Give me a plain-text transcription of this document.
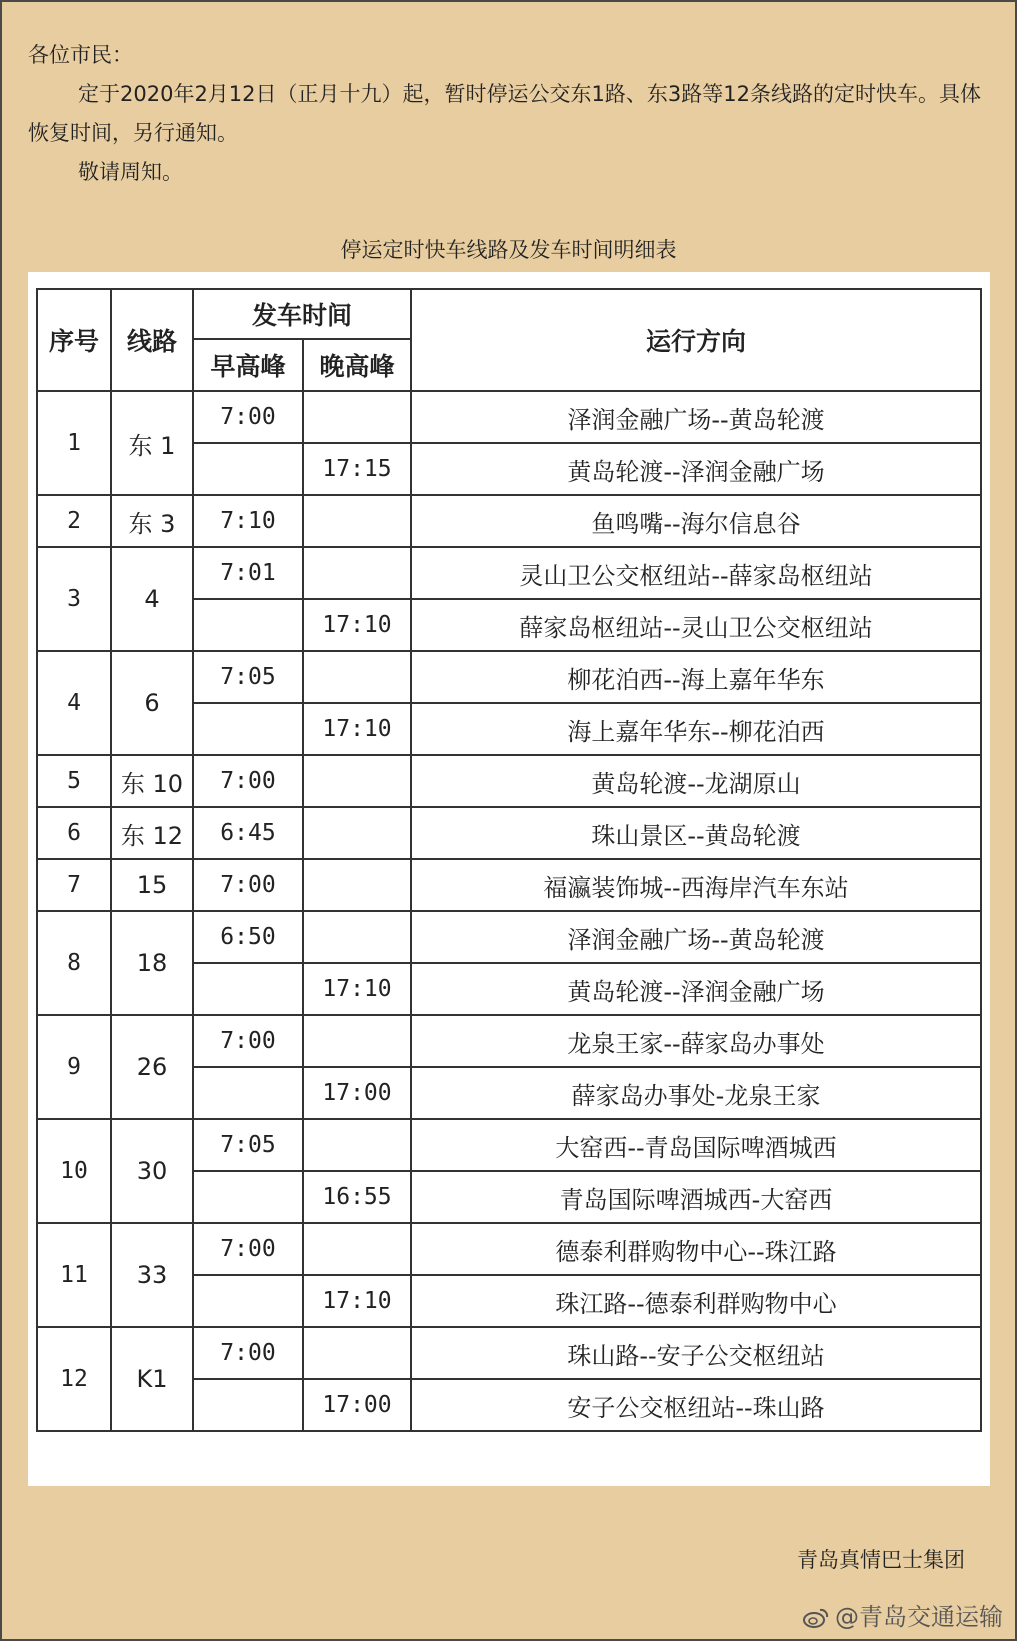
各位市民：

定于2020年2月12日（正月十九）起，暂时停运公交东1路、东3路等12条线路的定时快车。具体恢复时间，另行通知。

敬请周知。

停运定时快车线路及发车时间明细表
序号	线路	发车时间		运行方向
		早高峰	晚高峰	
1	东 1	7:00		泽润金融广场--黄岛轮渡
			17:15	黄岛轮渡--泽润金融广场
2	东 3	7:10		鱼鸣嘴--海尔信息谷
3	4	7:01		灵山卫公交枢纽站--薛家岛枢纽站
			17:10	薛家岛枢纽站--灵山卫公交枢纽站
4	6	7:05		柳花泊西--海上嘉年华东
			17:10	海上嘉年华东--柳花泊西
5	东 10	7:00		黄岛轮渡--龙湖原山
6	东 12	6:45		珠山景区--黄岛轮渡
7	15	7:00		福瀛装饰城--西海岸汽车东站
8	18	6:50		泽润金融广场--黄岛轮渡
			17:10	黄岛轮渡--泽润金融广场
9	26	7:00		龙泉王家--薛家岛办事处
			17:00	薛家岛办事处-龙泉王家
10	30	7:05		大窑西--青岛国际啤酒城西
			16:55	青岛国际啤酒城西-大窑西
11	33	7:00		德泰利群购物中心--珠江路
			17:10	珠江路--德泰利群购物中心
12	K1	7:00		珠山路--安子公交枢纽站
			17:00	安子公交枢纽站--珠山路
青岛真情巴士集团
@青岛交通运输
